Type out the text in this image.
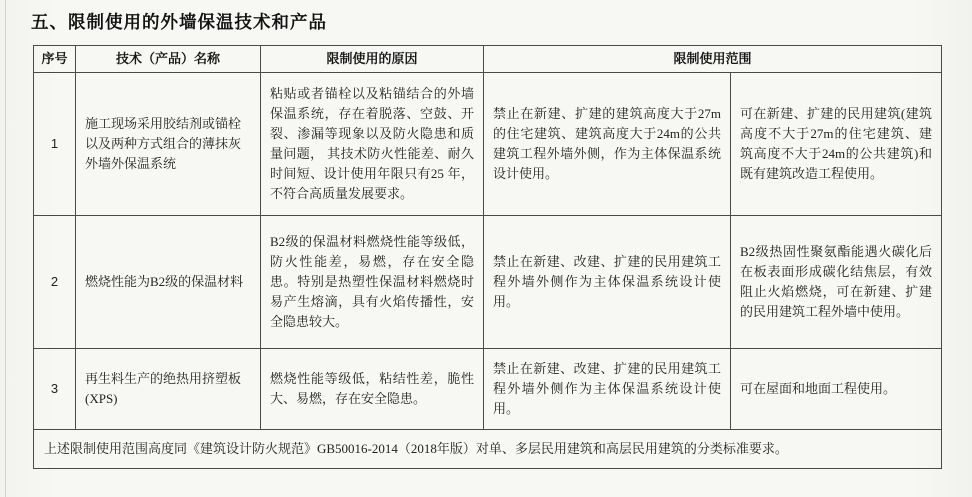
五、限制使用的外墙保温技术和产品
序号	技术（产品）名称	限制使用的原因	限制使用范围	
1	施工现场采用胶结剂或锚栓以及两种方式组合的薄抹灰外墙外保温系统	粘贴或者锚栓以及粘锚结合的外墙保温系统，存在着脱落、空鼓、开裂、渗漏等现象以及防火隐患和质量问题， 其技术防火性能差、耐久时间短、设计使用年限只有25 年，不符合高质量发展要求。	禁止在新建、扩建的建筑高度大于27m的住宅建筑、建筑高度大于24m的公共建筑工程外墙外侧，作为主体保温系统设计使用。	可在新建、扩建的民用建筑(建筑高度不大于27m的住宅建筑、建筑高度不大于24m的公共建筑)和既有建筑改造工程使用。
2	燃烧性能为B2级的保温材料	B2级的保温材料燃烧性能等级低，防火性能差，易燃，存在安全隐患。特别是热塑性保温材料燃烧时易产生熔滴，具有火焰传播性，安全隐患较大。	禁止在新建、改建、扩建的民用建筑工程外墙外侧作为主体保温系统设计使用。	B2级热固性聚氨酯能遇火碳化后在板表面形成碳化结焦层，有效阻止火焰燃烧，可在新建、扩建的民用建筑工程外墙中使用。
3	再生料生产的绝热用挤塑板(XPS)	燃烧性能等级低，粘结性差，脆性大、易燃，存在安全隐患。	禁止在新建、改建、扩建的民用建筑工程外墙外侧作为主体保温系统设计使用。	可在屋面和地面工程使用。
上述限制使用范围高度同《建筑设计防火规范》GB50016-2014（2018年版）对单、多层民用建筑和高层民用建筑的分类标准要求。				
